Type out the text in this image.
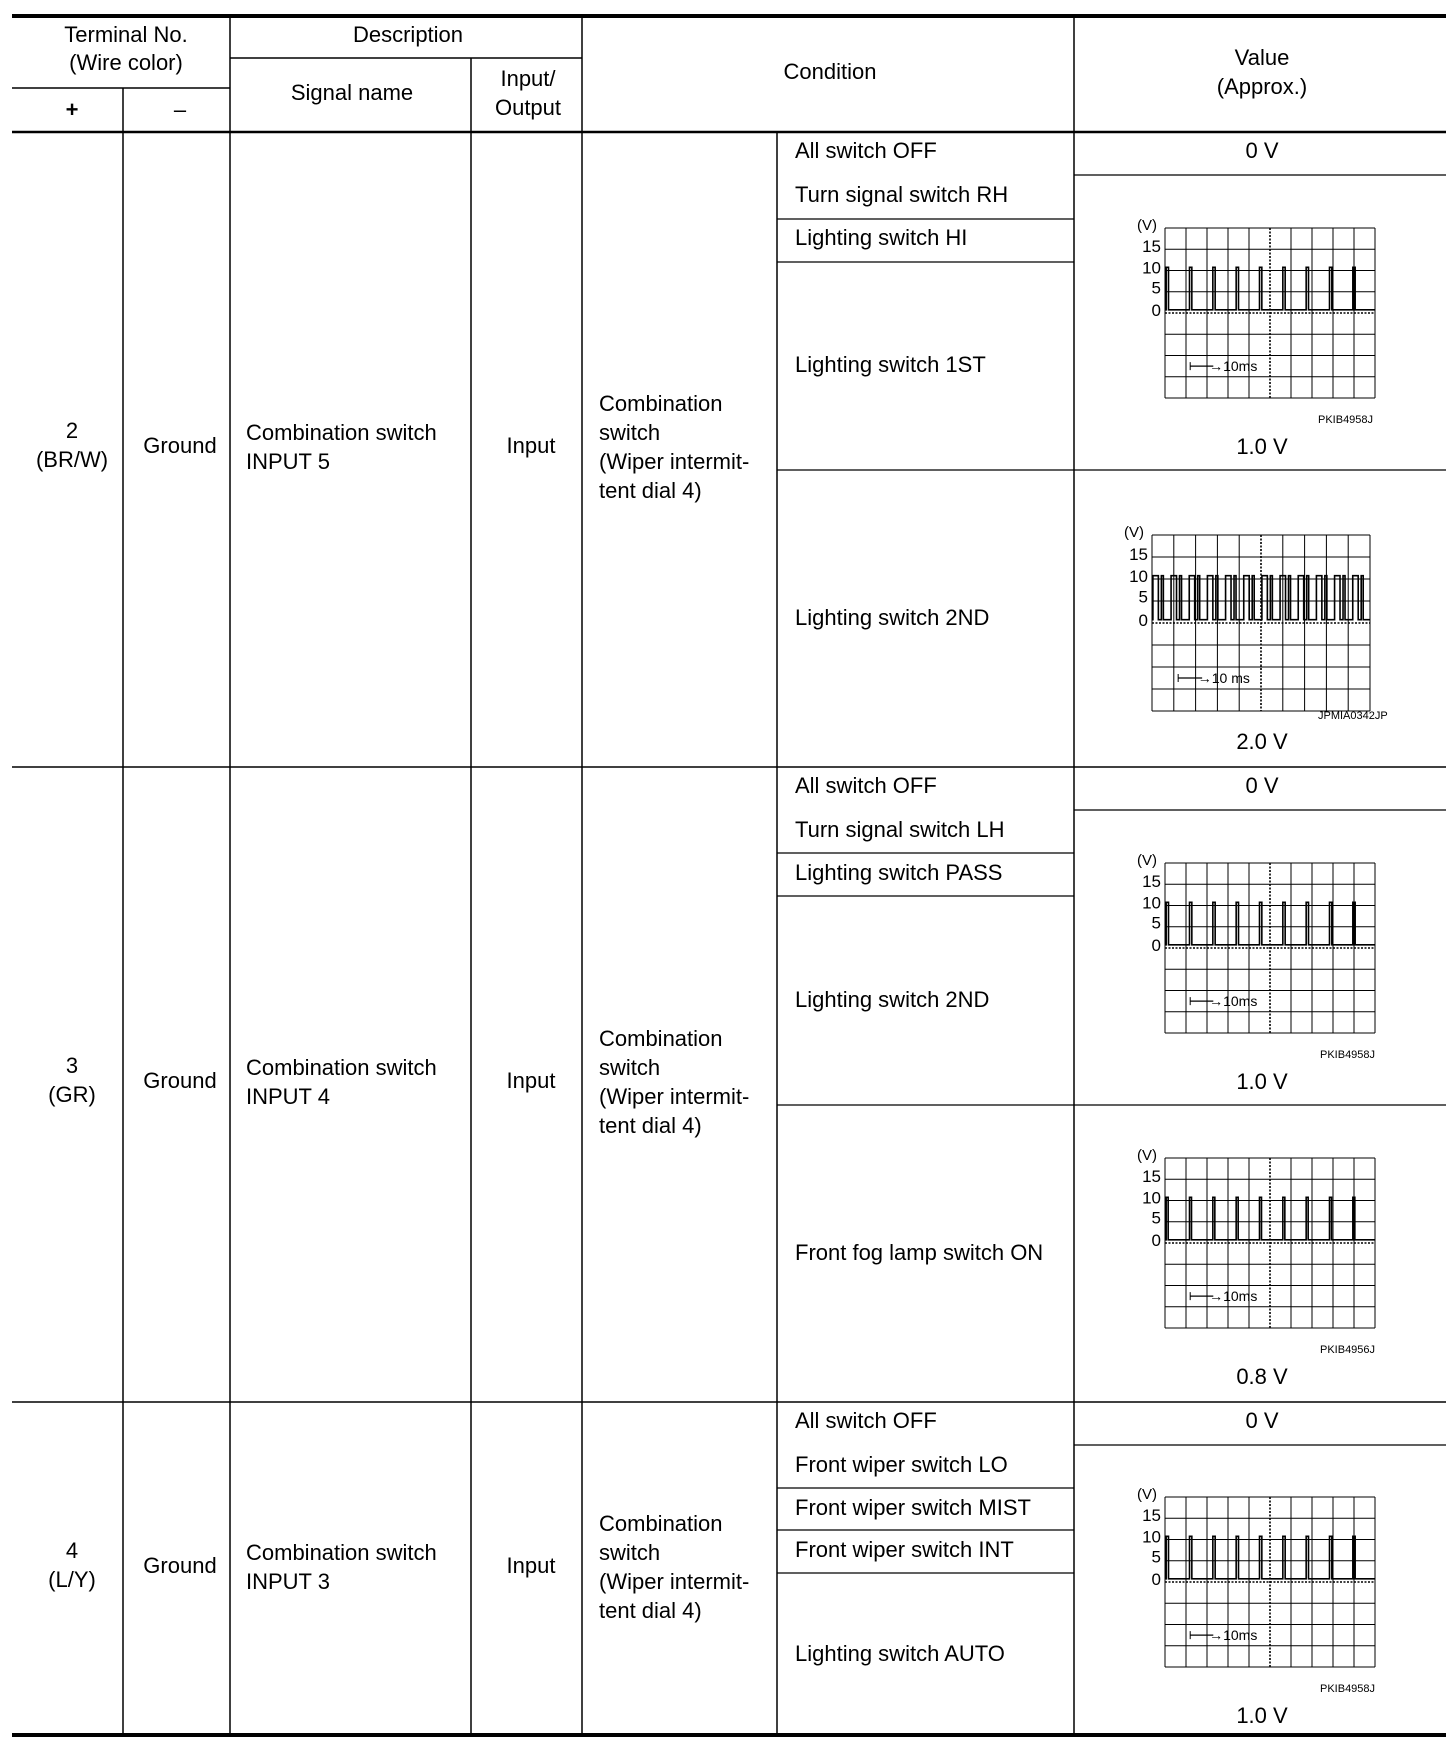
Terminal No.
(Wire color)
+	–
Description
Signal name
Input/
Output
Condition
Value
(Approx.)
2
(BR/W)
Ground
Combination switch
INPUT 5
Input
Combination
switch
(Wiper intermit-
tent dial 4)
All switch OFF
Turn signal switch RH
Lighting switch HI
Lighting switch 1ST
Lighting switch 2ND
0 V
1.0 V
2.0 V
PKIB4958J
JPMIA0342JP
3
(GR)
Ground
Combination switch
INPUT 4
Input
Combination
switch
(Wiper intermit-
tent dial 4)
All switch OFF
Turn signal switch LH
Lighting switch PASS
Lighting switch 2ND
Front fog lamp switch ON
0 V
1.0 V
0.8 V
PKIB4958J
PKIB4956J
4
(L/Y)
Ground
Combination switch
INPUT 3
Input
Combination
switch
(Wiper intermit-
tent dial 4)
All switch OFF
Front wiper switch LO
Front wiper switch MIST
Front wiper switch INT
Lighting switch AUTO
0 V
1.0 V
PKIB4958J
(V)
15
10
5
0
→10ms
(V)
15
10
5
0
→10 ms
(V)
15
10
5
0
→10ms
(V)
15
10
5
0
→10ms
(V)
15
10
5
0
→10ms
